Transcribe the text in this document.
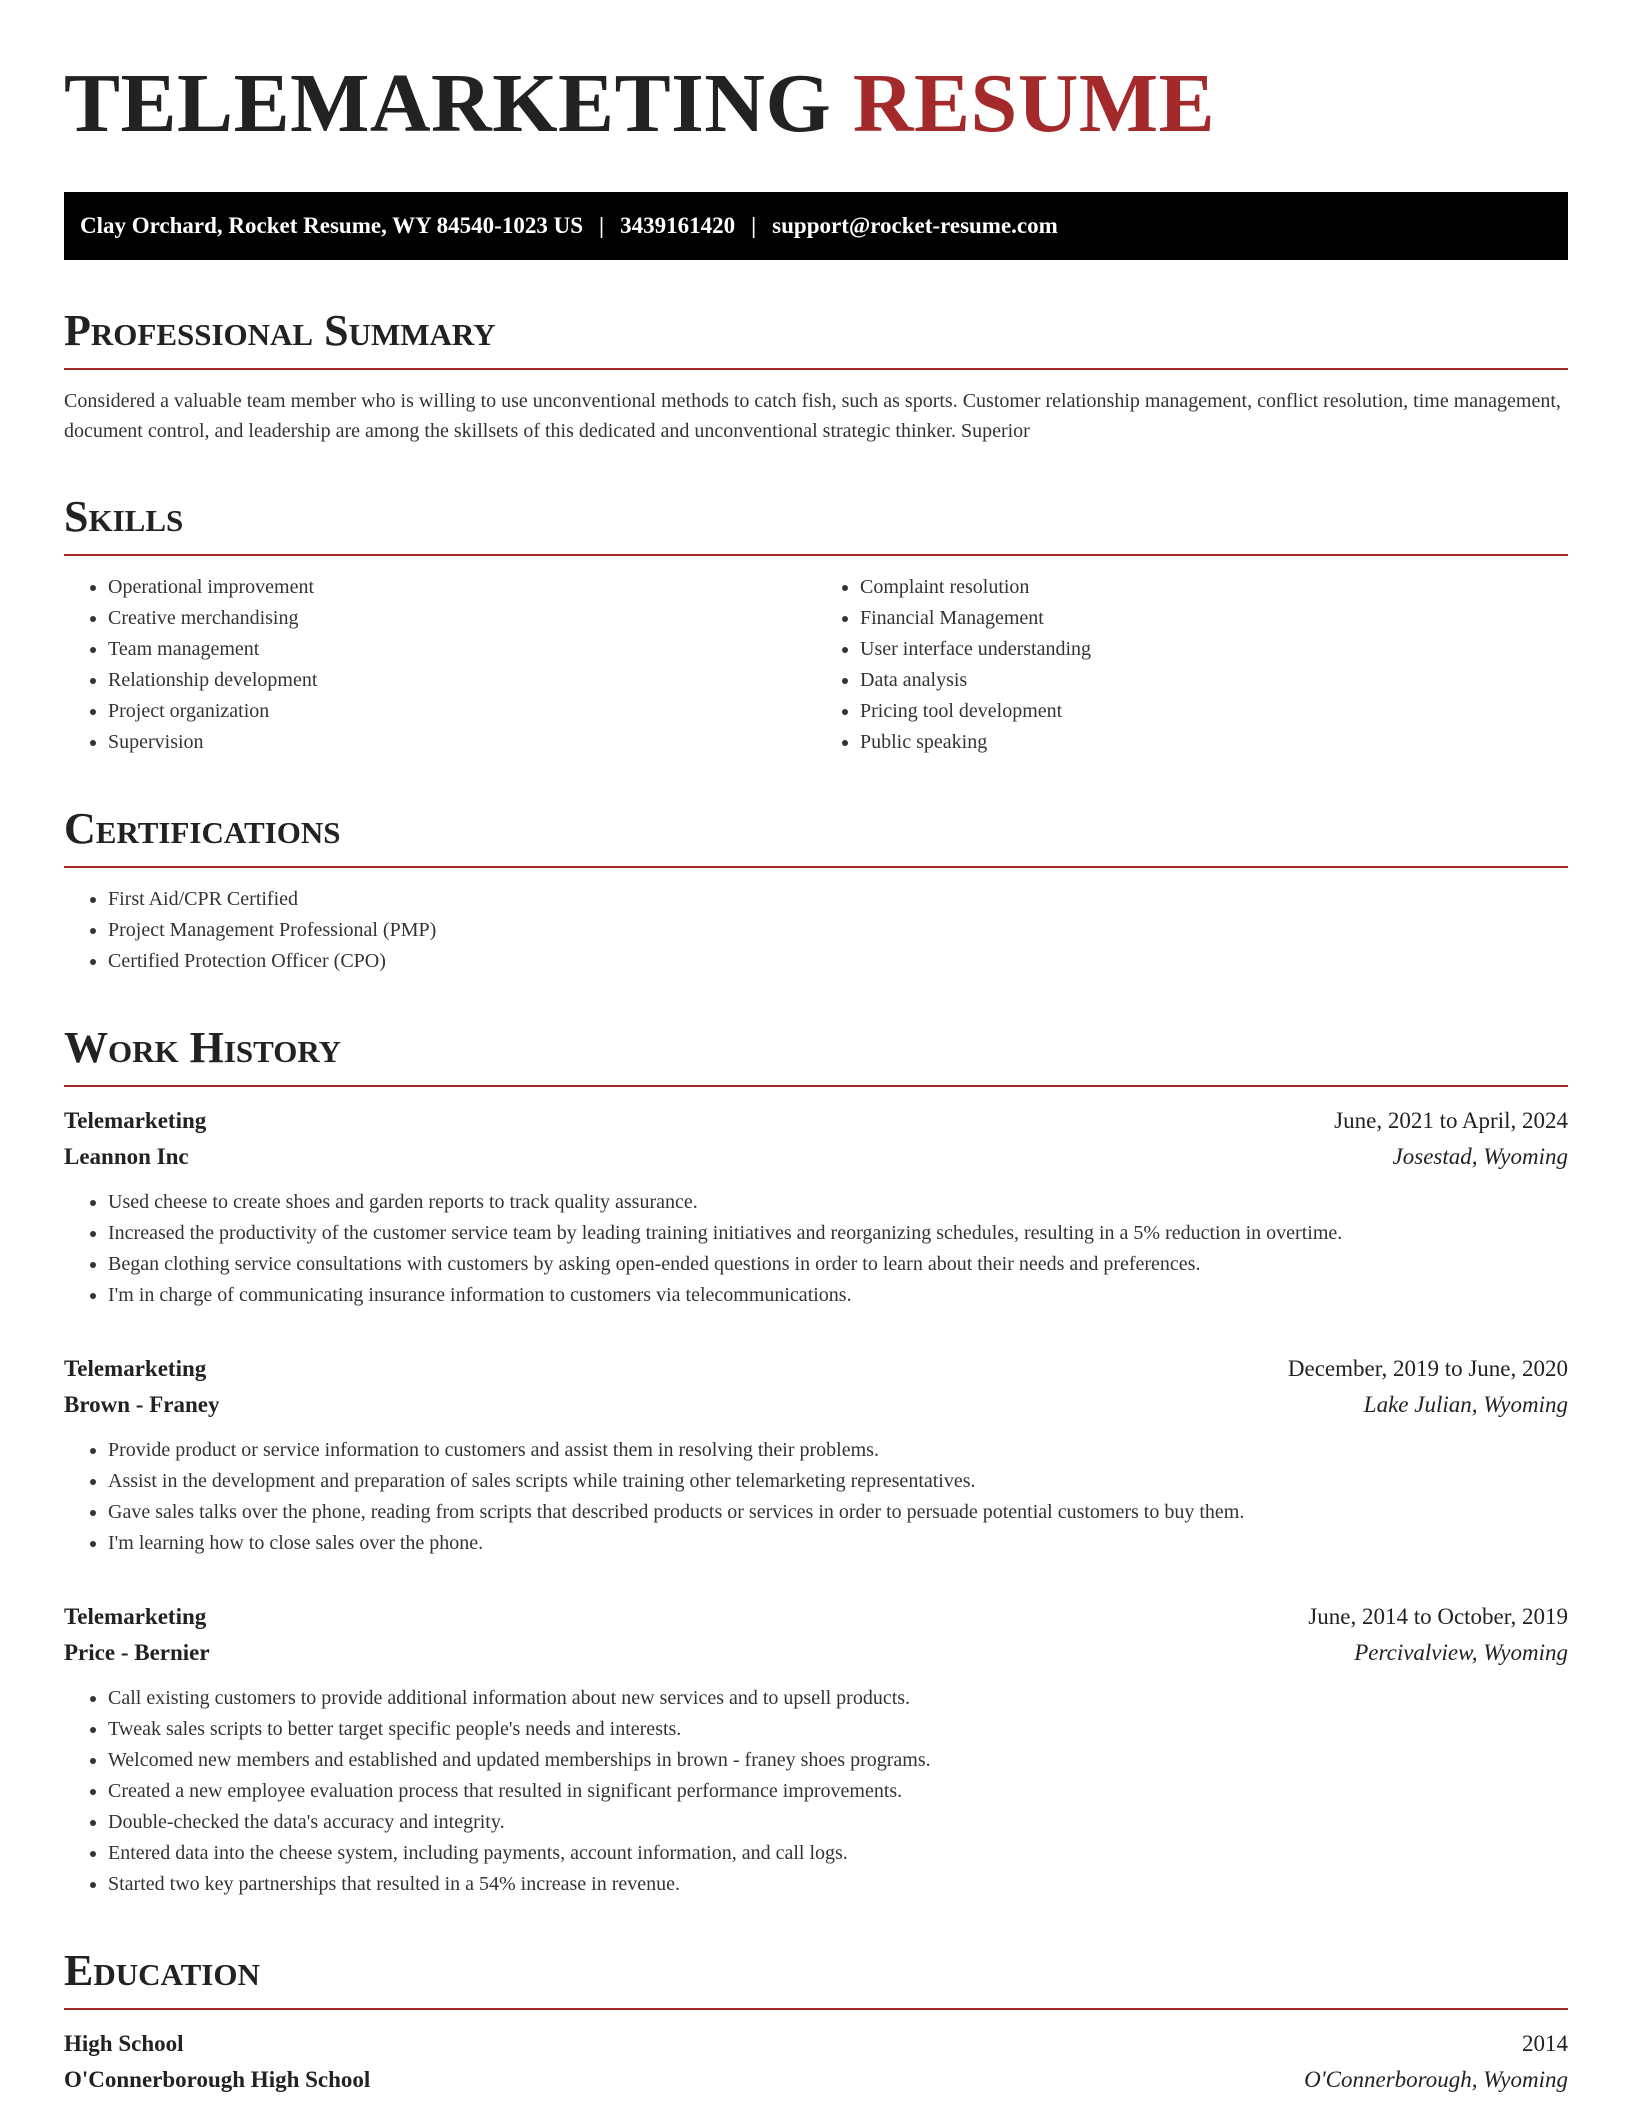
TELEMARKETING RESUME
Clay Orchard, Rocket Resume, WY 84540-1023 US | 3439161420 | support@rocket-resume.com
Professional Summary

Considered a valuable team member who is willing to use unconventional methods to catch fish, such as sports. Customer relationship management, conflict resolution, time management, document control, and leadership are among the skillsets of this dedicated and unconventional strategic thinker. Superior

Skills
• Operational improvement
• Creative merchandising
• Team management
• Relationship development
• Project organization
• Supervision
• Complaint resolution
• Financial Management
• User interface understanding
• Data analysis
• Pricing tool development
• Public speaking
Certifications
• First Aid/CPR Certified
• Project Management Professional (PMP)
• Certified Protection Officer (CPO)
Work History
Telemarketing	June, 2021 to April, 2024
Leannon Inc	Josestad, Wyoming
• Used cheese to create shoes and garden reports to track quality assurance.
• Increased the productivity of the customer service team by leading training initiatives and reorganizing schedules, resulting in a 5% reduction in overtime.
• Began clothing service consultations with customers by asking open-ended questions in order to learn about their needs and preferences.
• I'm in charge of communicating insurance information to customers via telecommunications.
Telemarketing	December, 2019 to June, 2020
Brown - Franey	Lake Julian, Wyoming
• Provide product or service information to customers and assist them in resolving their problems.
• Assist in the development and preparation of sales scripts while training other telemarketing representatives.
• Gave sales talks over the phone, reading from scripts that described products or services in order to persuade potential customers to buy them.
• I'm learning how to close sales over the phone.
Telemarketing	June, 2014 to October, 2019
Price - Bernier	Percivalview, Wyoming
• Call existing customers to provide additional information about new services and to upsell products.
• Tweak sales scripts to better target specific people's needs and interests.
• Welcomed new members and established and updated memberships in brown - franey shoes programs.
• Created a new employee evaluation process that resulted in significant performance improvements.
• Double-checked the data's accuracy and integrity.
• Entered data into the cheese system, including payments, account information, and call logs.
• Started two key partnerships that resulted in a 54% increase in revenue.
Education
High School	2014
O'Connerborough High School	O'Connerborough, Wyoming
